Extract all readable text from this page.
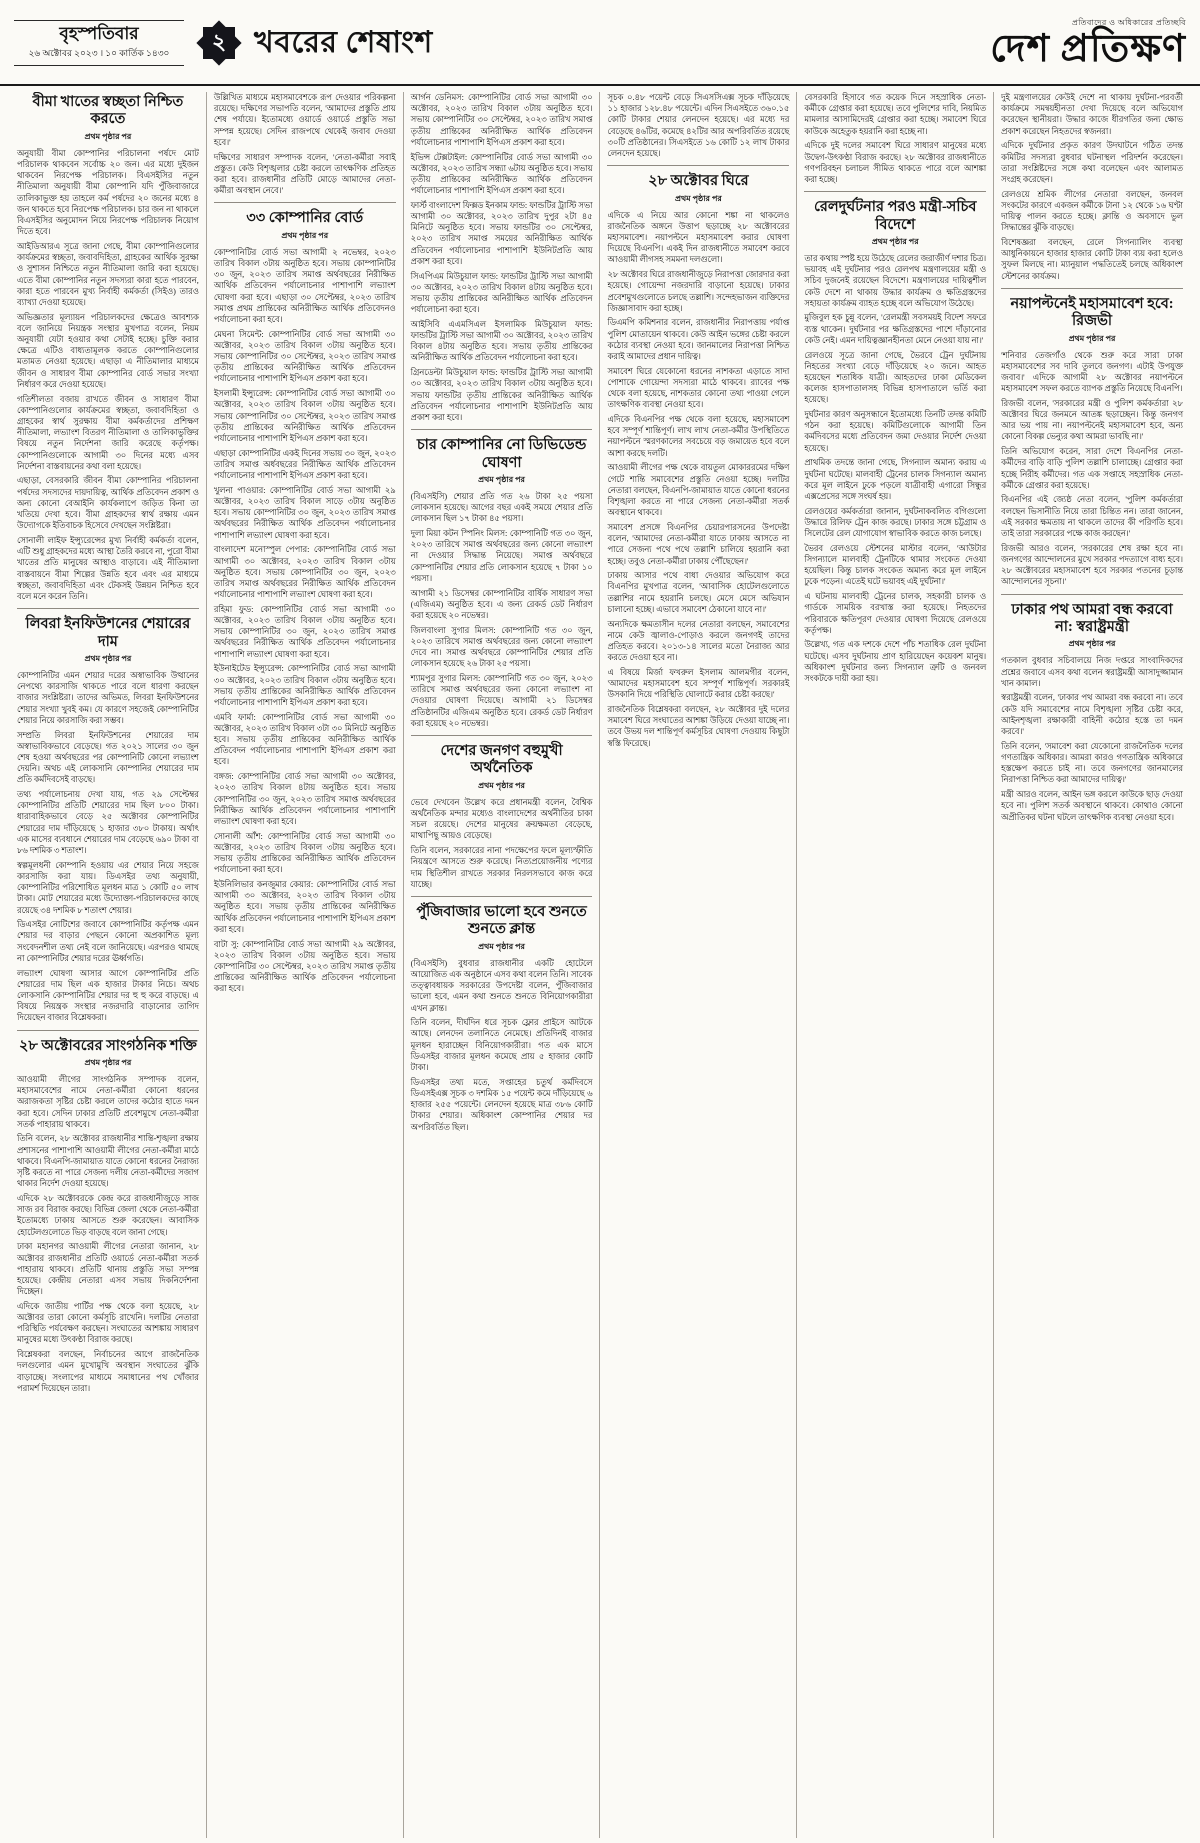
বৃহস্পতিবার
২৬ অক্টোবর ২০২৩ । ১০ কার্তিক ১৪৩০	২ খবরের শেষাংশ
প্রতিবাদের ও অধিকারের প্রতিচ্ছবি
দেশ প্রতিক্ষণ
বীমা খাতের স্বচ্ছতা নিশ্চিত করতে
প্রথম পৃষ্ঠার পর

অনুযায়ী বীমা কোম্পানির পরিচালনা পর্ষদে মোট পরিচালক থাকবেন সর্বোচ্চ ২০ জন। এর মধ্যে দুইজন থাকবেন নিরপেক্ষ পরিচালক। বিএসইসির নতুন নীতিমালা অনুযায়ী বীমা কোম্পানি যদি পুঁজিবাজারে তালিকাভুক্ত হয় তাহলে কর্ম পর্ষদের ২০ জনের মধ্যে ৪ জন থাকতে হবে নিরপেক্ষ পরিচালক। চার জন না থাকলে বিএসইসির অনুমোদন নিয়ে নিরপেক্ষ পরিচালক নিয়োগ দিতে হবে।

আইডিআরএ সূত্রে জানা গেছে, বীমা কোম্পানিগুলোর কার্যক্রমের স্বচ্ছতা, জবাবদিহিতা, গ্রাহকের আর্থিক সুরক্ষা ও সুশাসন নিশ্চিতে নতুন নীতিমালা জারি করা হয়েছে। এতে বীমা কোম্পানির নতুন সদস্যরা কারা হতে পারবেন, কারা হতে পারবেন মুখ্য নির্বাহী কর্মকর্তা (সিইও) তারও ব্যাখ্যা দেওয়া হয়েছে।

অভিজ্ঞতার মূল্যায়ন পরিচালকদের ক্ষেত্রেও আবশ্যক বলে জানিয়ে নিয়ন্ত্রক সংস্থার মুখপাত্র বলেন, নিয়ম অনুযায়ী যেটা হওয়ার কথা সেটাই হচ্ছে। চুক্তি করার ক্ষেত্রে এটিও বাধ্যতামূলক করতে কোম্পানিগুলোর মতামত নেওয়া হয়েছে। এছাড়া এ নীতিমালার মাধ্যমে জীবন ও সাধারণ বীমা কোম্পানির বোর্ড সভার সংখ্যা নির্ধারণ করে দেওয়া হয়েছে।

গতিশীলতা বজায় রাখতে জীবন ও সাধারণ বীমা কোম্পানিগুলোর কার্যক্রমের স্বচ্ছতা, জবাবদিহিতা ও গ্রাহকের স্বার্থ সুরক্ষায় বীমা কর্মকর্তাদের প্রশিক্ষণ নীতিমালা, লভ্যাংশ বিতরণ নীতিমালা ও তালিকাভুক্তির বিষয়ে নতুন নির্দেশনা জারি করেছে কর্তৃপক্ষ। কোম্পানিগুলোকে আগামী ৩০ দিনের মধ্যে এসব নির্দেশনা বাস্তবায়নের কথা বলা হয়েছে।

এছাড়া, বেসরকারি জীবন বীমা কোম্পানির পরিচালনা পর্ষদের সদস্যদের দায়দায়িত্ব, আর্থিক প্রতিবেদন প্রকাশ ও অন্য কোনো বেআইনি কার্যকলাপে জড়িত কিনা তা খতিয়ে দেখা হবে। বীমা গ্রাহকদের স্বার্থ রক্ষায় এমন উদ্যোগকে ইতিবাচক হিসেবে দেখছেন সংশ্লিষ্টরা।

সোনালী লাইফ ইন্স্যুরেন্সের মুখ্য নির্বাহী কর্মকর্তা বলেন, এটি শুধু গ্রাহকদের মধ্যে আস্থা তৈরি করবে না, পুরো বীমা খাতের প্রতি মানুষের আস্থাও বাড়াবে। এই নীতিমালা বাস্তবায়নে বীমা শিল্পের উন্নতি হবে এবং এর মাধ্যমে স্বচ্ছতা, জবাবদিহিতা এবং টেকসই উন্নয়ন নিশ্চিত হবে বলে মনে করেন তিনি।

লিবরা ইনফিউশনের শেয়ারের দাম
প্রথম পৃষ্ঠার পর

কোম্পানিটির এমন শেয়ার দরের অস্বাভাবিক উত্থানের নেপথ্যে কারসাজি থাকতে পারে বলে ধারণা করছেন বাজার সংশ্লিষ্টরা। তাদের অভিমত, লিবরা ইনফিউশনের শেয়ার সংখ্যা খুবই কম। যে কারণে সহজেই কোম্পানিটির শেয়ার নিয়ে কারসাজি করা সম্ভব।

সম্প্রতি লিবরা ইনফিউশনের শেয়ারের দাম অস্বাভাবিকভাবে বেড়েছে। গত ২০২১ সালের ৩০ জুন শেষ হওয়া অর্থবছরের পর কোম্পানিটি কোনো লভ্যাংশ দেয়নি। অথচ এই লোকসানি কোম্পানির শেয়ারের দাম প্রতি কর্মদিবসেই বাড়ছে।

তথ্য পর্যালোচনায় দেখা যায়, গত ২৯ সেপ্টেম্বর কোম্পানিটির প্রতিটি শেয়ারের দাম ছিল ৮০০ টাকা। ধারাবাহিকভাবে বেড়ে ২৫ অক্টোবর কোম্পানিটির শেয়ারের দাম দাঁড়িয়েছে ১ হাজার ৩৮০ টাকায়। অর্থাৎ এক মাসের ব্যবধানে শেয়ারের দাম বেড়েছে ৬৯০ টাকা বা ৮৬ দশমিক ৩ শতাংশ।

স্বল্পমূলধনী কোম্পানি হওয়ায় এর শেয়ার নিয়ে সহজে কারসাজি করা যায়। ডিএসইর তথ্য অনুযায়ী, কোম্পানিটির পরিশোধিত মূলধন মাত্র ১ কোটি ৫০ লাখ টাকা। মোট শেয়ারের মধ্যে উদ্যোক্তা-পরিচালকদের কাছে রয়েছে ৩৪ দশমিক ৮ শতাংশ শেয়ার।

ডিএসইর নোটিশের জবাবে কোম্পানিটির কর্তৃপক্ষ এমন শেয়ার দর বাড়ার পেছনে কোনো অপ্রকাশিত মূল্য সংবেদনশীল তথ্য নেই বলে জানিয়েছে। এরপরও থামছে না কোম্পানিটির শেয়ার দরের ঊর্ধ্বগতি।

লভ্যাংশ ঘোষণা আসার আগে কোম্পানিটির প্রতি শেয়ারের দাম ছিল এক হাজার টাকার নিচে। অথচ লোকসানি কোম্পানিটির শেয়ার দর হু হু করে বাড়ছে। এ বিষয়ে নিয়ন্ত্রক সংস্থার নজরদারি বাড়ানোর তাগিদ দিয়েছেন বাজার বিশ্লেষকরা।

২৮ অক্টোবরের সাংগঠনিক শক্তি
প্রথম পৃষ্ঠার পর

আওয়ামী লীগের সাংগঠনিক সম্পাদক বলেন, মহাসমাবেশের নামে নেতা-কর্মীরা কোনো ধরনের অরাজকতা সৃষ্টির চেষ্টা করলে তাদের কঠোর হাতে দমন করা হবে। সেদিন ঢাকার প্রতিটি প্রবেশমুখে নেতা-কর্মীরা সতর্ক পাহারায় থাকবে।

তিনি বলেন, ২৮ অক্টোবর রাজধানীর শান্তি-শৃঙ্খলা রক্ষায় প্রশাসনের পাশাপাশি আওয়ামী লীগের নেতা-কর্মীরা মাঠে থাকবে। বিএনপি-জামায়াত যাতে কোনো ধরনের নৈরাজ্য সৃষ্টি করতে না পারে সেজন্য দলীয় নেতা-কর্মীদের সজাগ থাকার নির্দেশ দেওয়া হয়েছে।

এদিকে ২৮ অক্টোবরকে কেন্দ্র করে রাজধানীজুড়ে সাজ সাজ রব বিরাজ করছে। বিভিন্ন জেলা থেকে নেতা-কর্মীরা ইতোমধ্যে ঢাকায় আসতে শুরু করেছেন। আবাসিক হোটেলগুলোতে ভিড় বাড়ছে বলে জানা গেছে।

ঢাকা মহানগর আওয়ামী লীগের নেতারা জানান, ২৮ অক্টোবর রাজধানীর প্রতিটি ওয়ার্ডে নেতা-কর্মীরা সতর্ক পাহারায় থাকবে। প্রতিটি থানায় প্রস্তুতি সভা সম্পন্ন হয়েছে। কেন্দ্রীয় নেতারা এসব সভায় দিকনির্দেশনা দিচ্ছেন।

এদিকে জাতীয় পার্টির পক্ষ থেকে বলা হয়েছে, ২৮ অক্টোবর তারা কোনো কর্মসূচি রাখেনি। দলটির নেতারা পরিস্থিতি পর্যবেক্ষণ করছেন। সংঘাতের আশঙ্কায় সাধারণ মানুষের মধ্যে উৎকণ্ঠা বিরাজ করছে।

বিশ্লেষকরা বলছেন, নির্বাচনের আগে রাজনৈতিক দলগুলোর এমন মুখোমুখি অবস্থান সংঘাতের ঝুঁকি বাড়াচ্ছে। সংলাপের মাধ্যমে সমাধানের পথ খোঁজার পরামর্শ দিয়েছেন তারা।

উল্লিখিত মাধ্যমে মহাসমাবেশকে রূপ দেওয়ার পরিকল্পনা রয়েছে। দক্ষিণের সভাপতি বলেন, 'আমাদের প্রস্তুতি প্রায় শেষ পর্যায়ে। ইতোমধ্যে ওয়ার্ডে ওয়ার্ডে প্রস্তুতি সভা সম্পন্ন হয়েছে। সেদিন রাজপথে থেকেই জবাব দেওয়া হবে।'

দক্ষিণের সাধারণ সম্পাদক বলেন, 'নেতা-কর্মীরা সবাই প্রস্তুত। কেউ বিশৃঙ্খলার চেষ্টা করলে তাৎক্ষণিক প্রতিহত করা হবে। রাজধানীর প্রতিটি মোড়ে আমাদের নেতা-কর্মীরা অবস্থান নেবে।'

৩৩ কোম্পানির বোর্ড
প্রথম পৃষ্ঠার পর

কোম্পানিটির বোর্ড সভা আগামী ২ নভেম্বর, ২০২৩ তারিখ বিকাল ৩টায় অনুষ্ঠিত হবে। সভায় কোম্পানিটির ৩০ জুন, ২০২৩ তারিখ সমাপ্ত অর্থবছরের নিরীক্ষিত আর্থিক প্রতিবেদন পর্যালোচনার পাশাপাশি লভ্যাংশ ঘোষণা করা হবে। এছাড়া ৩০ সেপ্টেম্বর, ২০২৩ তারিখ সমাপ্ত প্রথম প্রান্তিকের অনিরীক্ষিত আর্থিক প্রতিবেদনও পর্যালোচনা করা হবে।

মেঘনা সিমেন্ট: কোম্পানিটির বোর্ড সভা আগামী ৩০ অক্টোবর, ২০২৩ তারিখ বিকাল ৩টায় অনুষ্ঠিত হবে। সভায় কোম্পানিটির ৩০ সেপ্টেম্বর, ২০২৩ তারিখ সমাপ্ত তৃতীয় প্রান্তিকের অনিরীক্ষিত আর্থিক প্রতিবেদন পর্যালোচনার পাশাপাশি ইপিএস প্রকাশ করা হবে।

ইসলামী ইন্স্যুরেন্স: কোম্পানিটির বোর্ড সভা আগামী ৩০ অক্টোবর, ২০২৩ তারিখ বিকাল ৩টায় অনুষ্ঠিত হবে। সভায় কোম্পানিটির ৩০ সেপ্টেম্বর, ২০২৩ তারিখ সমাপ্ত তৃতীয় প্রান্তিকের অনিরীক্ষিত আর্থিক প্রতিবেদন পর্যালোচনার পাশাপাশি ইপিএস প্রকাশ করা হবে।

এছাড়া কোম্পানিটির একই দিনের সভায় ৩০ জুন, ২০২৩ তারিখ সমাপ্ত অর্ধবছরের নিরীক্ষিত আর্থিক প্রতিবেদন পর্যালোচনার পাশাপাশি ইপিএস প্রকাশ করা হবে।

খুলনা পাওয়ার: কোম্পানিটির বোর্ড সভা আগামী ২৯ অক্টোবর, ২০২৩ তারিখ বিকাল সাড়ে ৩টায় অনুষ্ঠিত হবে। সভায় কোম্পানিটির ৩০ জুন, ২০২৩ তারিখ সমাপ্ত অর্থবছরের নিরীক্ষিত আর্থিক প্রতিবেদন পর্যালোচনার পাশাপাশি লভ্যাংশ ঘোষণা করা হবে।

বাংলাদেশ মনোস্পুল পেপার: কোম্পানিটির বোর্ড সভা আগামী ৩০ অক্টোবর, ২০২৩ তারিখ বিকাল ৩টায় অনুষ্ঠিত হবে। সভায় কোম্পানিটির ৩০ জুন, ২০২৩ তারিখ সমাপ্ত অর্থবছরের নিরীক্ষিত আর্থিক প্রতিবেদন পর্যালোচনার পাশাপাশি লভ্যাংশ ঘোষণা করা হবে।

রহিমা ফুড: কোম্পানিটির বোর্ড সভা আগামী ৩০ অক্টোবর, ২০২৩ তারিখ বিকাল ৩টায় অনুষ্ঠিত হবে। সভায় কোম্পানিটির ৩০ জুন, ২০২৩ তারিখ সমাপ্ত অর্থবছরের নিরীক্ষিত আর্থিক প্রতিবেদন পর্যালোচনার পাশাপাশি লভ্যাংশ ঘোষণা করা হবে।

ইউনাইটেড ইন্স্যুরেন্স: কোম্পানিটির বোর্ড সভা আগামী ৩০ অক্টোবর, ২০২৩ তারিখ বিকাল ৩টায় অনুষ্ঠিত হবে। সভায় তৃতীয় প্রান্তিকের অনিরীক্ষিত আর্থিক প্রতিবেদন পর্যালোচনার পাশাপাশি ইপিএস প্রকাশ করা হবে।

এমবি ফার্মা: কোম্পানিটির বোর্ড সভা আগামী ৩০ অক্টোবর, ২০২৩ তারিখ বিকাল ৩টা ৩০ মিনিটে অনুষ্ঠিত হবে। সভায় তৃতীয় প্রান্তিকের অনিরীক্ষিত আর্থিক প্রতিবেদন পর্যালোচনার পাশাপাশি ইপিএস প্রকাশ করা হবে।

বঙ্গজ: কোম্পানিটির বোর্ড সভা আগামী ৩০ অক্টোবর, ২০২৩ তারিখ বিকাল ৪টায় অনুষ্ঠিত হবে। সভায় কোম্পানিটির ৩০ জুন, ২০২৩ তারিখ সমাপ্ত অর্থবছরের নিরীক্ষিত আর্থিক প্রতিবেদন পর্যালোচনার পাশাপাশি লভ্যাংশ ঘোষণা করা হবে।

সোনালী আঁশ: কোম্পানিটির বোর্ড সভা আগামী ৩০ অক্টোবর, ২০২৩ তারিখ বিকাল ৩টায় অনুষ্ঠিত হবে। সভায় তৃতীয় প্রান্তিকের অনিরীক্ষিত আর্থিক প্রতিবেদন পর্যালোচনা করা হবে।

ইউনিলিভার কনজুমার কেয়ার: কোম্পানিটির বোর্ড সভা আগামী ৩০ অক্টোবর, ২০২৩ তারিখ বিকাল ৩টায় অনুষ্ঠিত হবে। সভায় তৃতীয় প্রান্তিকের অনিরীক্ষিত আর্থিক প্রতিবেদন পর্যালোচনার পাশাপাশি ইপিএস প্রকাশ করা হবে।

বাটা সু: কোম্পানিটির বোর্ড সভা আগামী ২৯ অক্টোবর, ২০২৩ তারিখ বিকাল ৩টায় অনুষ্ঠিত হবে। সভায় কোম্পানিটির ৩০ সেপ্টেম্বর, ২০২৩ তারিখ সমাপ্ত তৃতীয় প্রান্তিকের অনিরীক্ষিত আর্থিক প্রতিবেদন পর্যালোচনা করা হবে।

আর্গন ডেনিমস: কোম্পানিটির বোর্ড সভা আগামী ৩০ অক্টোবর, ২০২৩ তারিখ বিকাল ৩টায় অনুষ্ঠিত হবে। সভায় কোম্পানিটির ৩০ সেপ্টেম্বর, ২০২৩ তারিখ সমাপ্ত তৃতীয় প্রান্তিকের অনিরীক্ষিত আর্থিক প্রতিবেদন পর্যালোচনার পাশাপাশি ইপিএস প্রকাশ করা হবে।

ইভিন্স টেক্সটাইল: কোম্পানিটির বোর্ড সভা আগামী ৩০ অক্টোবর, ২০২৩ তারিখ সন্ধ্যা ৬টায় অনুষ্ঠিত হবে। সভায় তৃতীয় প্রান্তিকের অনিরীক্ষিত আর্থিক প্রতিবেদন পর্যালোচনার পাশাপাশি ইপিএস প্রকাশ করা হবে।

ফার্স্ট বাংলাদেশ ফিক্সড ইনকাম ফান্ড: ফান্ডটির ট্রাস্টি সভা আগামী ৩০ অক্টোবর, ২০২৩ তারিখ দুপুর ২টা ৪৫ মিনিটে অনুষ্ঠিত হবে। সভায় ফান্ডটির ৩০ সেপ্টেম্বর, ২০২৩ তারিখ সমাপ্ত সময়ের অনিরীক্ষিত আর্থিক প্রতিবেদন পর্যালোচনার পাশাপাশি ইউনিটপ্রতি আয় প্রকাশ করা হবে।

সিএপিএম মিউচুয়াল ফান্ড: ফান্ডটির ট্রাস্টি সভা আগামী ৩০ অক্টোবর, ২০২৩ তারিখ বিকাল ৪টায় অনুষ্ঠিত হবে। সভায় তৃতীয় প্রান্তিকের অনিরীক্ষিত আর্থিক প্রতিবেদন পর্যালোচনা করা হবে।

আইসিবি এএমসিএল ইসলামিক মিউচুয়াল ফান্ড: ফান্ডটির ট্রাস্টি সভা আগামী ৩০ অক্টোবর, ২০২৩ তারিখ বিকাল ৪টায় অনুষ্ঠিত হবে। সভায় তৃতীয় প্রান্তিকের অনিরীক্ষিত আর্থিক প্রতিবেদন পর্যালোচনা করা হবে।

গ্রিনডেল্টা মিউচুয়াল ফান্ড: ফান্ডটির ট্রাস্টি সভা আগামী ৩০ অক্টোবর, ২০২৩ তারিখ বিকাল ৩টায় অনুষ্ঠিত হবে। সভায় ফান্ডটির তৃতীয় প্রান্তিকের অনিরীক্ষিত আর্থিক প্রতিবেদন পর্যালোচনার পাশাপাশি ইউনিটপ্রতি আয় প্রকাশ করা হবে।

চার কোম্পানির নো ডিভিডেন্ড ঘোষণা
প্রথম পৃষ্ঠার পর

(বিএসইসি) শেয়ার প্রতি গত ২৬ টাকা ২৫ পয়সা লোকসান হয়েছে। আগের বছর একই সময়ে শেয়ার প্রতি লোকসান ছিল ১৭ টাকা ৪৫ পয়সা।

দুলা মিয়া কটন স্পিনিং মিলস: কোম্পানিটি গত ৩০ জুন, ২০২৩ তারিখে সমাপ্ত অর্থবছরের জন্য কোনো লভ্যাংশ না দেওয়ার সিদ্ধান্ত নিয়েছে। সমাপ্ত অর্থবছরে কোম্পানিটির শেয়ার প্রতি লোকসান হয়েছে ৭ টাকা ১০ পয়সা।

আগামী ২১ ডিসেম্বর কোম্পানিটির বার্ষিক সাধারণ সভা (এজিএম) অনুষ্ঠিত হবে। এ জন্য রেকর্ড ডেট নির্ধারণ করা হয়েছে ২০ নভেম্বর।

জিলবাংলা সুগার মিলস: কোম্পানিটি গত ৩০ জুন, ২০২৩ তারিখে সমাপ্ত অর্থবছরের জন্য কোনো লভ্যাংশ দেবে না। সমাপ্ত অর্থবছরে কোম্পানিটির শেয়ার প্রতি লোকসান হয়েছে ২৬ টাকা ২৫ পয়সা।

শ্যামপুর সুগার মিলস: কোম্পানিটি গত ৩০ জুন, ২০২৩ তারিখে সমাপ্ত অর্থবছরের জন্য কোনো লভ্যাংশ না দেওয়ার ঘোষণা দিয়েছে। আগামী ২১ ডিসেম্বর প্রতিষ্ঠানটির এজিএম অনুষ্ঠিত হবে। রেকর্ড ডেট নির্ধারণ করা হয়েছে ২০ নভেম্বর।

দেশের জনগণ বহুমুখী অর্থনৈতিক
প্রথম পৃষ্ঠার পর

ভেবে দেখবেন উল্লেখ করে প্রধানমন্ত্রী বলেন, বৈশ্বিক অর্থনৈতিক মন্দার মধ্যেও বাংলাদেশের অর্থনীতির চাকা সচল রয়েছে। দেশের মানুষের ক্রয়ক্ষমতা বেড়েছে, মাথাপিছু আয়ও বেড়েছে।

তিনি বলেন, সরকারের নানা পদক্ষেপের ফলে মূল্যস্ফীতি নিয়ন্ত্রণে আসতে শুরু করেছে। নিত্যপ্রয়োজনীয় পণ্যের দাম স্থিতিশীল রাখতে সরকার নিরলসভাবে কাজ করে যাচ্ছে।

পুঁজিবাজার ভালো হবে শুনতে শুনতে ক্লান্ত
প্রথম পৃষ্ঠার পর

(বিএসইসি) বুধবার রাজধানীর একটি হোটেলে আয়োজিত এক অনুষ্ঠানে এসব কথা বলেন তিনি। সাবেক তত্ত্বাবধায়ক সরকারের উপদেষ্টা বলেন, পুঁজিবাজার ভালো হবে, এমন কথা শুনতে শুনতে বিনিয়োগকারীরা এখন ক্লান্ত।

তিনি বলেন, দীর্ঘদিন ধরে সূচক ফ্লোর প্রাইসে আটকে আছে। লেনদেন তলানিতে নেমেছে। প্রতিদিনই বাজার মূলধন হারাচ্ছেন বিনিয়োগকারীরা। গত এক মাসে ডিএসইর বাজার মূলধন কমেছে প্রায় ৫ হাজার কোটি টাকা।

ডিএসইর তথ্য মতে, সপ্তাহের চতুর্থ কর্মদিবসে ডিএসইএক্স সূচক ৩ দশমিক ১৫ পয়েন্ট কমে দাঁড়িয়েছে ৬ হাজার ২৫৫ পয়েন্টে। লেনদেন হয়েছে মাত্র ৩৮৬ কোটি টাকার শেয়ার। অধিকাংশ কোম্পানির শেয়ার দর অপরিবর্তিত ছিল।

সূচক ০.৪৮ পয়েন্ট বেড়ে সিএসসিএক্স সূচক দাঁড়িয়েছে ১১ হাজার ১২৮.৪৮ পয়েন্টে। এদিন সিএসইতে ৩৬০.১৫ কোটি টাকার শেয়ার লেনদেন হয়েছে। এর মধ্যে দর বেড়েছে ৪৬টির, কমেছে ৪২টির আর অপরিবর্তিত রয়েছে ৩০টি প্রতিষ্ঠানের। সিএসইতে ১৬ কোটি ১২ লাখ টাকার লেনদেন হয়েছে।

২৮ অক্টোবর ঘিরে
প্রথম পৃষ্ঠার পর

এদিকে এ নিয়ে আর কোনো শঙ্কা না থাকলেও রাজনৈতিক অঙ্গনে উত্তাপ ছড়াচ্ছে ২৮ অক্টোবরের মহাসমাবেশ। নয়াপল্টনে মহাসমাবেশ করার ঘোষণা দিয়েছে বিএনপি। একই দিন রাজধানীতে সমাবেশ করবে আওয়ামী লীগসহ সমমনা দলগুলো।

২৮ অক্টোবর ঘিরে রাজধানীজুড়ে নিরাপত্তা জোরদার করা হয়েছে। গোয়েন্দা নজরদারি বাড়ানো হয়েছে। ঢাকার প্রবেশমুখগুলোতে চলছে তল্লাশি। সন্দেহভাজন ব্যক্তিদের জিজ্ঞাসাবাদ করা হচ্ছে।

ডিএমপি কমিশনার বলেন, রাজধানীর নিরাপত্তায় পর্যাপ্ত পুলিশ মোতায়েন থাকবে। কেউ আইন ভঙ্গের চেষ্টা করলে কঠোর ব্যবস্থা নেওয়া হবে। জানমালের নিরাপত্তা নিশ্চিত করাই আমাদের প্রধান দায়িত্ব।

সমাবেশ ঘিরে যেকোনো ধরনের নাশকতা এড়াতে সাদা পোশাকে গোয়েন্দা সদস্যরা মাঠে থাকবে। র‌্যাবের পক্ষ থেকে বলা হয়েছে, নাশকতার কোনো তথ্য পাওয়া গেলে তাৎক্ষণিক ব্যবস্থা নেওয়া হবে।

এদিকে বিএনপির পক্ষ থেকে বলা হয়েছে, মহাসমাবেশ হবে সম্পূর্ণ শান্তিপূর্ণ। লাখ লাখ নেতা-কর্মীর উপস্থিতিতে নয়াপল্টনে স্মরণকালের সবচেয়ে বড় জমায়েত হবে বলে আশা করছে দলটি।

আওয়ামী লীগের পক্ষ থেকে বায়তুল মোকাররমের দক্ষিণ গেটে শান্তি সমাবেশের প্রস্তুতি নেওয়া হচ্ছে। দলটির নেতারা বলছেন, বিএনপি-জামায়াত যাতে কোনো ধরনের বিশৃঙ্খলা করতে না পারে সেজন্য নেতা-কর্মীরা সতর্ক অবস্থানে থাকবে।

সমাবেশ প্রসঙ্গে বিএনপির চেয়ারপারসনের উপদেষ্টা বলেন, 'আমাদের নেতা-কর্মীরা যাতে ঢাকায় আসতে না পারে সেজন্য পথে পথে তল্লাশি চালিয়ে হয়রানি করা হচ্ছে। তবুও নেতা-কর্মীরা ঢাকায় পৌঁছেছেন।'

ঢাকায় আসার পথে বাধা দেওয়ার অভিযোগ করে বিএনপির মুখপাত্র বলেন, 'আবাসিক হোটেলগুলোতে তল্লাশির নামে হয়রানি চলছে। মেসে মেসে অভিযান চালানো হচ্ছে। এভাবে সমাবেশ ঠেকানো যাবে না।'

অন্যদিকে ক্ষমতাসীন দলের নেতারা বলছেন, সমাবেশের নামে কেউ জ্বালাও-পোড়াও করলে জনগণই তাদের প্রতিহত করবে। ২০১৩-১৪ সালের মতো নৈরাজ্য আর করতে দেওয়া হবে না।

এ বিষয়ে মির্জা ফখরুল ইসলাম আলমগীর বলেন, 'আমাদের মহাসমাবেশ হবে সম্পূর্ণ শান্তিপূর্ণ। সরকারই উসকানি দিয়ে পরিস্থিতি ঘোলাটে করার চেষ্টা করছে।'

রাজনৈতিক বিশ্লেষকরা বলছেন, ২৮ অক্টোবর দুই দলের সমাবেশ ঘিরে সংঘাতের আশঙ্কা উড়িয়ে দেওয়া যাচ্ছে না। তবে উভয় দল শান্তিপূর্ণ কর্মসূচির ঘোষণা দেওয়ায় কিছুটা স্বস্তি ফিরেছে।

বেসরকারি হিসাবে গত কয়েক দিনে সহস্রাধিক নেতা-কর্মীকে গ্রেপ্তার করা হয়েছে। তবে পুলিশের দাবি, নিয়মিত মামলার আসামিদেরই গ্রেপ্তার করা হচ্ছে। সমাবেশ ঘিরে কাউকে অহেতুক হয়রানি করা হচ্ছে না।

এদিকে দুই দলের সমাবেশ ঘিরে সাধারণ মানুষের মধ্যে উদ্বেগ-উৎকণ্ঠা বিরাজ করছে। ২৮ অক্টোবর রাজধানীতে গণপরিবহন চলাচল সীমিত থাকতে পারে বলে আশঙ্কা করা হচ্ছে।

রেলদুর্ঘটনার পরও মন্ত্রী-সচিব বিদেশে
প্রথম পৃষ্ঠার পর

তার কথায় স্পষ্ট হয়ে উঠেছে রেলের জরাজীর্ণ দশার চিত্র। ভয়াবহ এই দুর্ঘটনার পরও রেলপথ মন্ত্রণালয়ের মন্ত্রী ও সচিব দুজনেই রয়েছেন বিদেশে। মন্ত্রণালয়ের দায়িত্বশীল কেউ দেশে না থাকায় উদ্ধার কার্যক্রম ও ক্ষতিগ্রস্তদের সহায়তা কার্যক্রম ব্যাহত হচ্ছে বলে অভিযোগ উঠেছে।

মুজিবুল হক চুন্নু বলেন, 'রেলমন্ত্রী সবসময়ই বিদেশ সফরে ব্যস্ত থাকেন। দুর্ঘটনার পর ক্ষতিগ্রস্তদের পাশে দাঁড়ানোর কেউ নেই। এমন দায়িত্বজ্ঞানহীনতা মেনে নেওয়া যায় না।'

রেলওয়ে সূত্রে জানা গেছে, ভৈরবে ট্রেন দুর্ঘটনায় নিহতের সংখ্যা বেড়ে দাঁড়িয়েছে ২০ জনে। আহত হয়েছেন শতাধিক যাত্রী। আহতদের ঢাকা মেডিকেল কলেজ হাসপাতালসহ বিভিন্ন হাসপাতালে ভর্তি করা হয়েছে।

দুর্ঘটনার কারণ অনুসন্ধানে ইতোমধ্যে তিনটি তদন্ত কমিটি গঠন করা হয়েছে। কমিটিগুলোকে আগামী তিন কর্মদিবসের মধ্যে প্রতিবেদন জমা দেওয়ার নির্দেশ দেওয়া হয়েছে।

প্রাথমিক তদন্তে জানা গেছে, সিগন্যাল অমান্য করায় এ দুর্ঘটনা ঘটেছে। মালবাহী ট্রেনের চালক সিগন্যাল অমান্য করে মূল লাইনে ঢুকে পড়লে যাত্রীবাহী এগারো সিন্ধুর এক্সপ্রেসের সঙ্গে সংঘর্ষ হয়।

রেলওয়ের কর্মকর্তারা জানান, দুর্ঘটনাকবলিত বগিগুলো উদ্ধারে রিলিফ ট্রেন কাজ করছে। ঢাকার সঙ্গে চট্টগ্রাম ও সিলেটের রেল যোগাযোগ স্বাভাবিক করতে কাজ চলছে।

ভৈরব রেলওয়ে স্টেশনের মাস্টার বলেন, 'আউটার সিগন্যালে মালবাহী ট্রেনটিকে থামার সংকেত দেওয়া হয়েছিল। কিন্তু চালক সংকেত অমান্য করে মূল লাইনে ঢুকে পড়েন। এতেই ঘটে ভয়াবহ এই দুর্ঘটনা।'

এ ঘটনায় মালবাহী ট্রেনের চালক, সহকারী চালক ও গার্ডকে সাময়িক বরখাস্ত করা হয়েছে। নিহতদের পরিবারকে ক্ষতিপূরণ দেওয়ার ঘোষণা দিয়েছে রেলওয়ে কর্তৃপক্ষ।

উল্লেখ্য, গত এক দশকে দেশে পাঁচ শতাধিক রেল দুর্ঘটনা ঘটেছে। এসব দুর্ঘটনায় প্রাণ হারিয়েছেন কয়েকশ মানুষ। অধিকাংশ দুর্ঘটনার জন্য সিগন্যাল ত্রুটি ও জনবল সংকটকে দায়ী করা হয়।

দুই মন্ত্রণালয়ের কেউই দেশে না থাকায় দুর্ঘটনা-পরবর্তী কার্যক্রমে সমন্বয়হীনতা দেখা দিয়েছে বলে অভিযোগ করেছেন স্থানীয়রা। উদ্ধার কাজে ধীরগতির জন্য ক্ষোভ প্রকাশ করেছেন নিহতদের স্বজনরা।

এদিকে দুর্ঘটনার প্রকৃত কারণ উদঘাটনে গঠিত তদন্ত কমিটির সদস্যরা বুধবার ঘটনাস্থল পরিদর্শন করেছেন। তারা সংশ্লিষ্টদের সঙ্গে কথা বলেছেন এবং আলামত সংগ্রহ করেছেন।

রেলওয়ে শ্রমিক লীগের নেতারা বলছেন, জনবল সংকটের কারণে একজন কর্মীকে টানা ১২ থেকে ১৬ ঘণ্টা দায়িত্ব পালন করতে হচ্ছে। ক্লান্তি ও অবসাদে ভুল সিদ্ধান্তের ঝুঁকি বাড়ছে।

বিশেষজ্ঞরা বলছেন, রেলে সিগন্যালিং ব্যবস্থা আধুনিকায়নে হাজার হাজার কোটি টাকা ব্যয় করা হলেও সুফল মিলছে না। ম্যানুয়াল পদ্ধতিতেই চলছে অধিকাংশ স্টেশনের কার্যক্রম।

নয়াপল্টনেই মহাসমাবেশ হবে: রিজভী
প্রথম পৃষ্ঠার পর

'শনিবার তেজগাঁও থেকে শুরু করে সারা ঢাকা মহাসমাবেশের সব দাবি তুলবে জনগণ। এটাই উপযুক্ত জবাব।' এদিকে আগামী ২৮ অক্টোবর নয়াপল্টনে মহাসমাবেশ সফল করতে ব্যাপক প্রস্তুতি নিয়েছে বিএনপি।

রিজভী বলেন, 'সরকারের মন্ত্রী ও পুলিশ কর্মকর্তারা ২৮ অক্টোবর ঘিরে জনমনে আতঙ্ক ছড়াচ্ছেন। কিন্তু জনগণ আর ভয় পায় না। নয়াপল্টনেই মহাসমাবেশ হবে, অন্য কোনো বিকল্প ভেন্যুর কথা আমরা ভাবছি না।'

তিনি অভিযোগ করেন, সারা দেশে বিএনপির নেতা-কর্মীদের বাড়ি বাড়ি পুলিশ তল্লাশি চালাচ্ছে। গ্রেপ্তার করা হচ্ছে নিরীহ কর্মীদের। গত এক সপ্তাহে সহস্রাধিক নেতা-কর্মীকে গ্রেপ্তার করা হয়েছে।

বিএনপির এই জ্যেষ্ঠ নেতা বলেন, 'পুলিশ কর্মকর্তারা বলছেন ভিসানীতি নিয়ে তারা চিন্তিত নন। তারা জানেন, এই সরকার ক্ষমতায় না থাকলে তাদের কী পরিণতি হবে। তাই তারা সরকারের পক্ষে কাজ করছেন।'

রিজভী আরও বলেন, 'সরকারের শেষ রক্ষা হবে না। জনগণের আন্দোলনের মুখে সরকার পদত্যাগে বাধ্য হবে। ২৮ অক্টোবরের মহাসমাবেশ হবে সরকার পতনের চূড়ান্ত আন্দোলনের সূচনা।'

ঢাকার পথ আমরা বন্ধ করবো না: স্বরাষ্ট্রমন্ত্রী
প্রথম পৃষ্ঠার পর

গতকাল বুধবার সচিবালয়ে নিজ দপ্তরে সাংবাদিকদের প্রশ্নের জবাবে এসব কথা বলেন স্বরাষ্ট্রমন্ত্রী আসাদুজ্জামান খান কামাল।

স্বরাষ্ট্রমন্ত্রী বলেন, 'ঢাকার পথ আমরা বন্ধ করবো না। তবে কেউ যদি সমাবেশের নামে বিশৃঙ্খলা সৃষ্টির চেষ্টা করে, আইনশৃঙ্খলা রক্ষাকারী বাহিনী কঠোর হস্তে তা দমন করবে।'

তিনি বলেন, 'সমাবেশ করা যেকোনো রাজনৈতিক দলের গণতান্ত্রিক অধিকার। আমরা কারও গণতান্ত্রিক অধিকারে হস্তক্ষেপ করতে চাই না। তবে জনগণের জানমালের নিরাপত্তা নিশ্চিত করা আমাদের দায়িত্ব।'

মন্ত্রী আরও বলেন, আইন ভঙ্গ করলে কাউকে ছাড় দেওয়া হবে না। পুলিশ সতর্ক অবস্থানে থাকবে। কোথাও কোনো অপ্রীতিকর ঘটনা ঘটলে তাৎক্ষণিক ব্যবস্থা নেওয়া হবে।
